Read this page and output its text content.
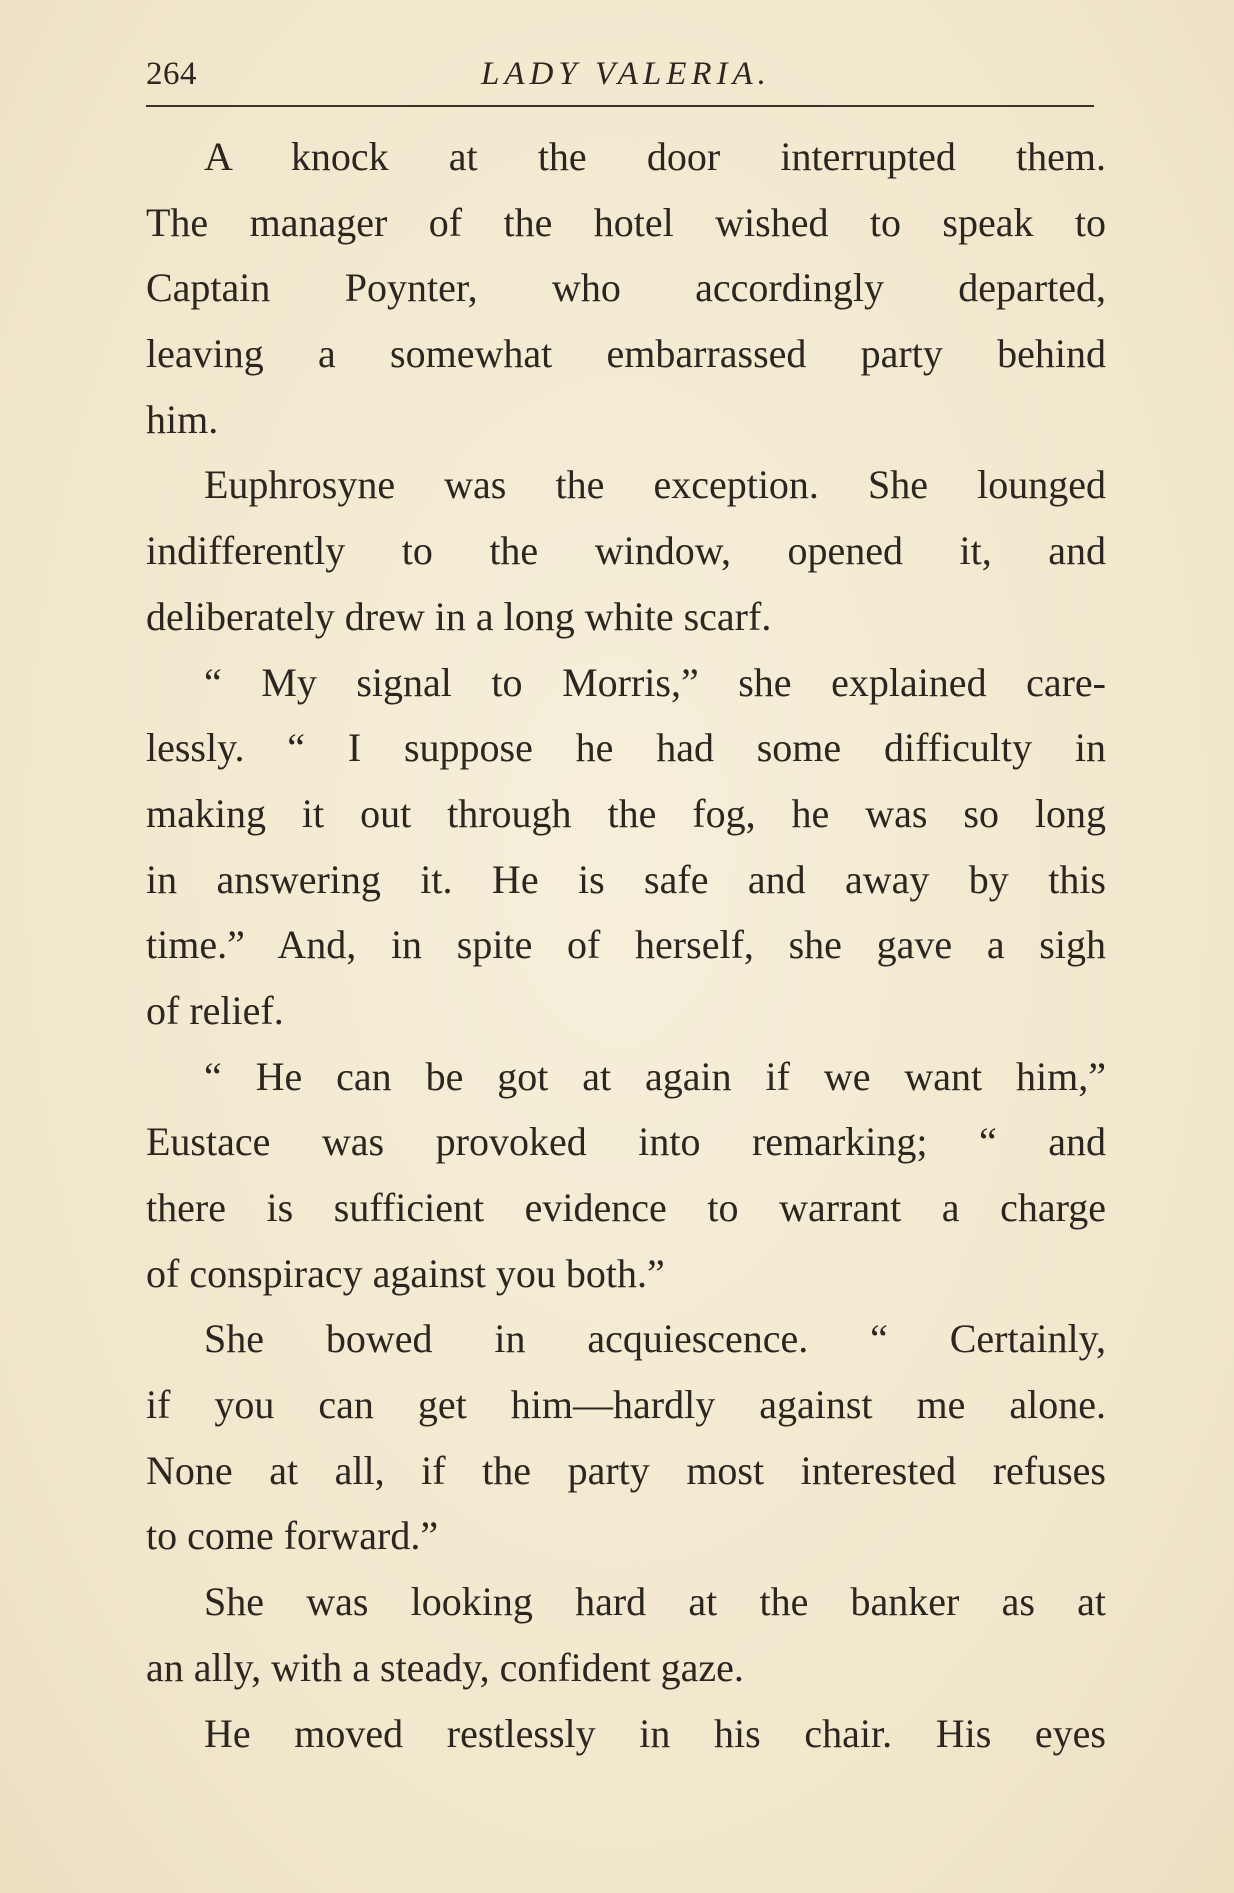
264	LADY VALERIA.
A knock at the door interrupted them.
The manager of the hotel wished to speak to
Captain Poynter, who accordingly departed,
leaving a somewhat embarrassed party behind
him.
Euphrosyne was the exception. She lounged
indifferently to the window, opened it, and
deliberately drew in a long white scarf.
“ My signal to Morris,” she explained care-
lessly. “ I suppose he had some difficulty in
making it out through the fog, he was so long
in answering it. He is safe and away by this
time.” And, in spite of herself, she gave a sigh
of relief.
“ He can be got at again if we want him,”
Eustace was provoked into remarking; “ and
there is sufficient evidence to warrant a charge
of conspiracy against you both.”
She bowed in acquiescence. “ Certainly,
if you can get him—hardly against me alone.
None at all, if the party most interested refuses
to come forward.”
She was looking hard at the banker as at
an ally, with a steady, confident gaze.
He moved restlessly in his chair. His eyes
